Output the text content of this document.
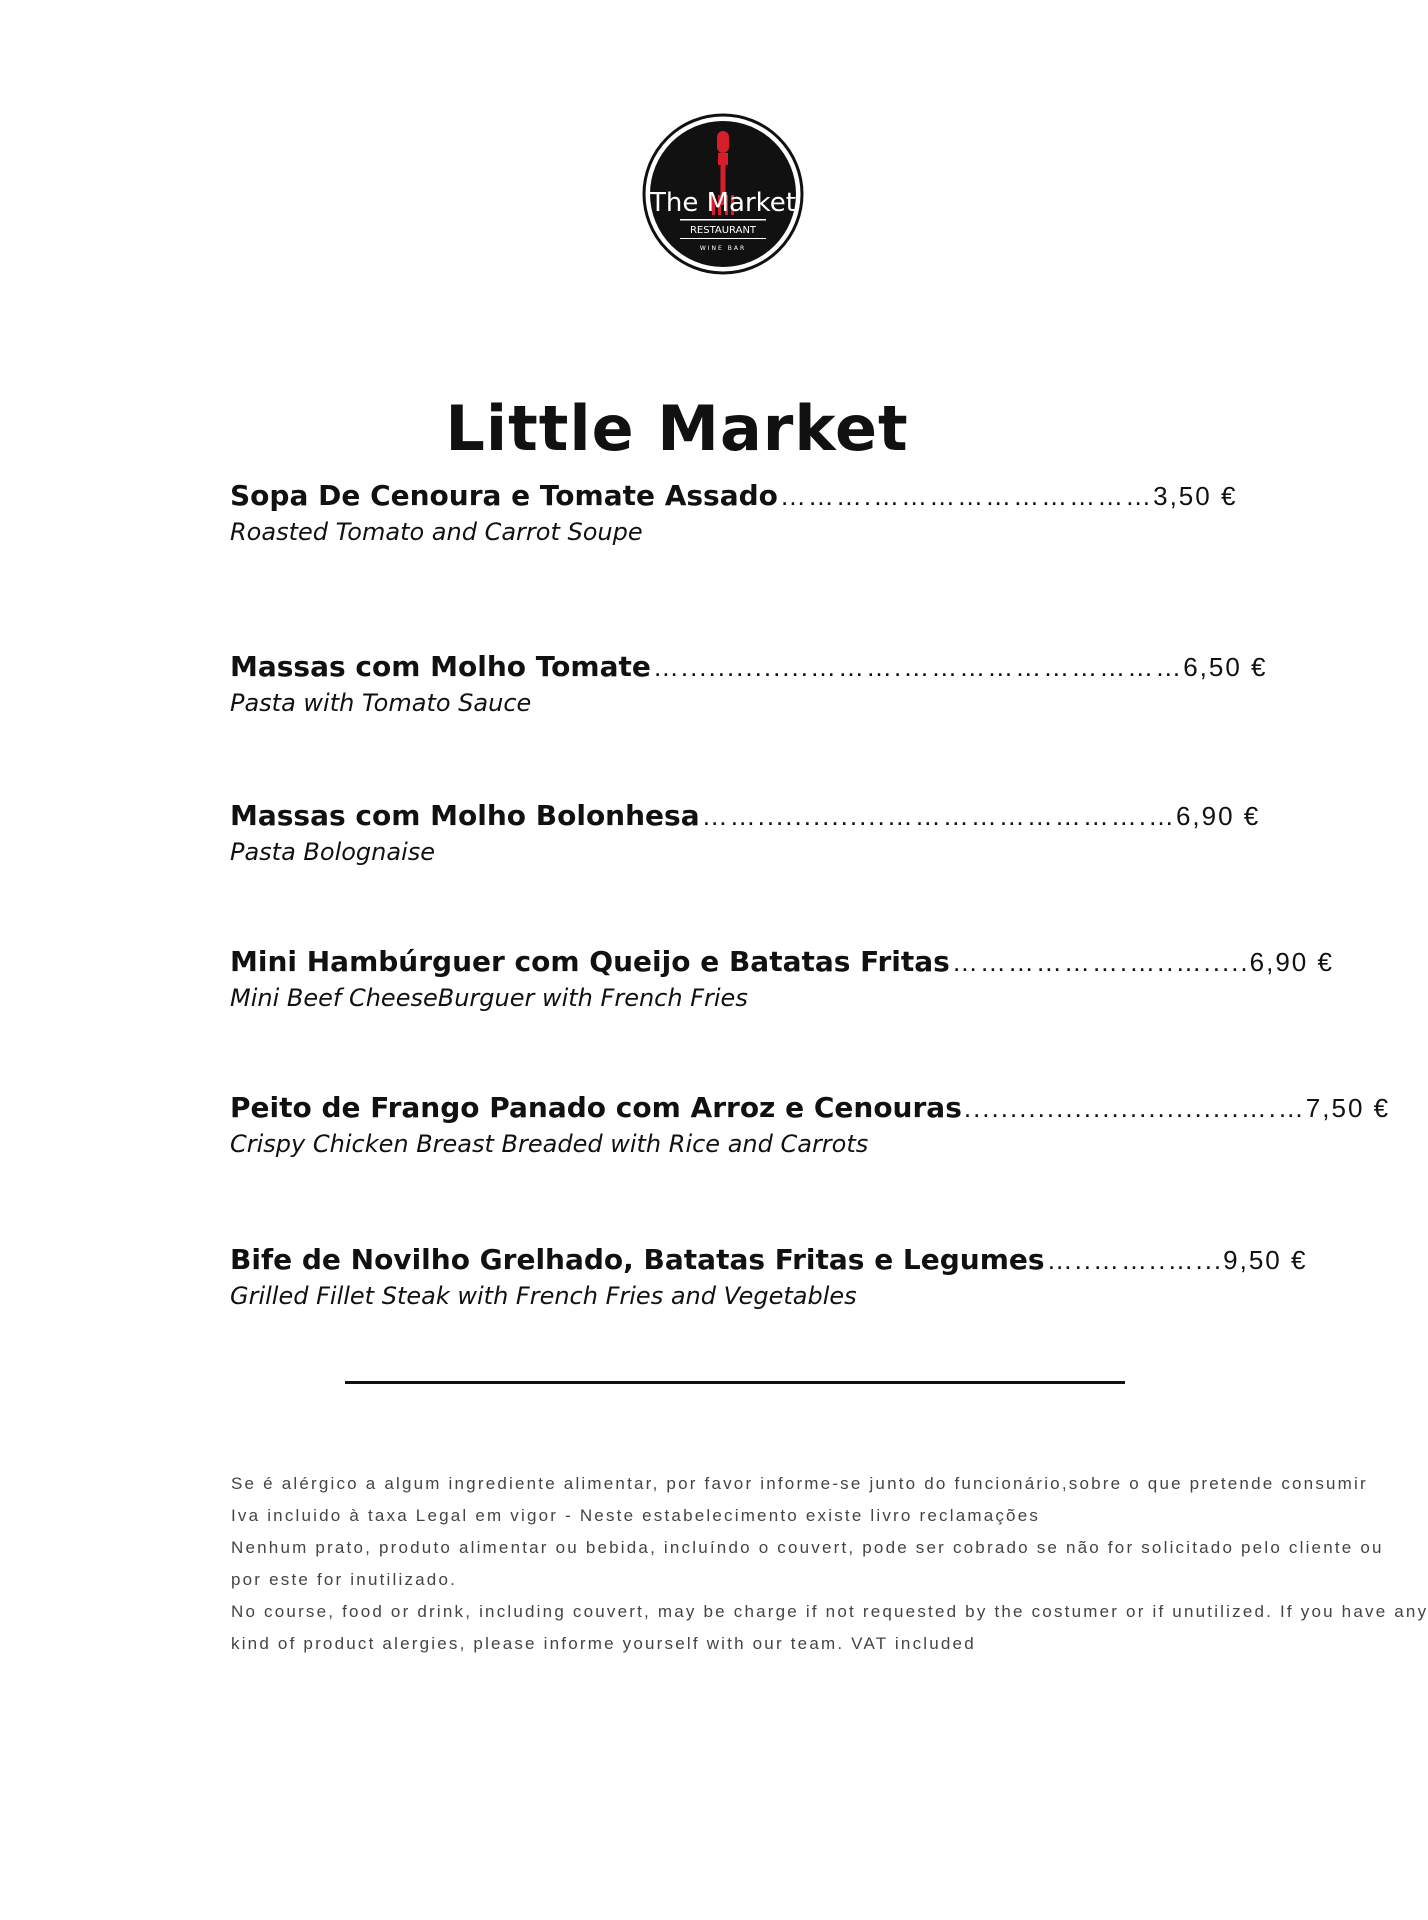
The Market
RESTAURANT
WINE BAR
Little Market
Sopa De Cenoura e Tomate Assado ……….………………………… 3,50 €
Roasted Tomato and Carrot Soupe
Massas com Molho Tomate …..............……….………………………… 6,50 €
Pasta with Tomato Sauce
Massas com Molho Bolonhesa ……..............……………………….… 6,90 €
Pasta Bolognaise
Mini Hambúrguer com Queijo e Batatas Fritas ……………….…..…..... 6,90 €
Mini Beef CheeseBurguer with French Fries
Peito de Frango Panado com Arroz e Cenouras ..............................….… 7,50 €
Crispy Chicken Breast Breaded with Rice and Carrots
Bife de Novilho Grelhado, Batatas Fritas e Legumes …..……..…... 9,50 €
Grilled Fillet Steak with French Fries and Vegetables
Se é alérgico a algum ingrediente alimentar, por favor informe-se junto do funcionário,sobre o que pretende consumir
Iva incluido à taxa Legal em vigor - Neste estabelecimento existe livro reclamações
Nenhum prato, produto alimentar ou bebida, incluíndo o couvert, pode ser cobrado se não for solicitado pelo cliente ou
por este for inutilizado.
No course, food or drink, including couvert, may be charge if not requested by the costumer or if unutilized. If you have any
kind of product alergies, please informe yourself with our team. VAT included
